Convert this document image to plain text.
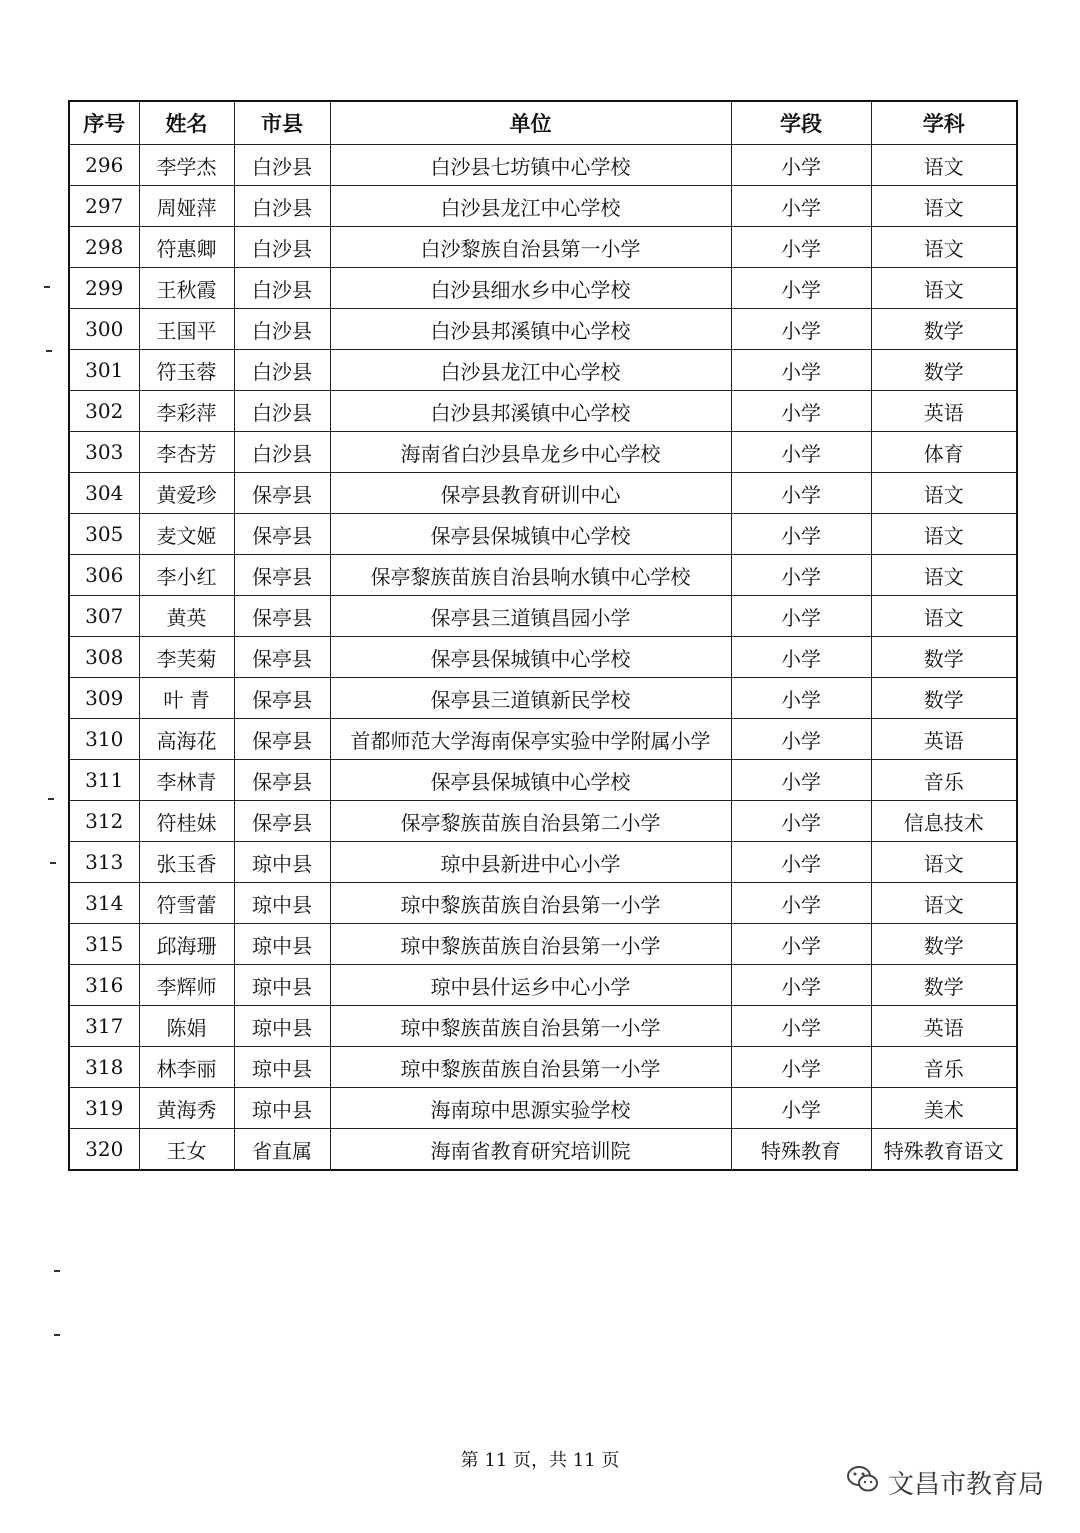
序号	姓名	市县	单位	学段	学科
296	李学杰	白沙县	白沙县七坊镇中心学校	小学	语文
297	周娅萍	白沙县	白沙县龙江中心学校	小学	语文
298	符惠卿	白沙县	白沙黎族自治县第一小学	小学	语文
299	王秋霞	白沙县	白沙县细水乡中心学校	小学	语文
300	王国平	白沙县	白沙县邦溪镇中心学校	小学	数学
301	符玉蓉	白沙县	白沙县龙江中心学校	小学	数学
302	李彩萍	白沙县	白沙县邦溪镇中心学校	小学	英语
303	李杏芳	白沙县	海南省白沙县阜龙乡中心学校	小学	体育
304	黄爱珍	保亭县	保亭县教育研训中心	小学	语文
305	麦文姬	保亭县	保亭县保城镇中心学校	小学	语文
306	李小红	保亭县	保亭黎族苗族自治县响水镇中心学校	小学	语文
307	黄英	保亭县	保亭县三道镇昌园小学	小学	语文
308	李芙菊	保亭县	保亭县保城镇中心学校	小学	数学
309	叶 青	保亭县	保亭县三道镇新民学校	小学	数学
310	高海花	保亭县	首都师范大学海南保亭实验中学附属小学	小学	英语
311	李林青	保亭县	保亭县保城镇中心学校	小学	音乐
312	符桂妹	保亭县	保亭黎族苗族自治县第二小学	小学	信息技术
313	张玉香	琼中县	琼中县新进中心小学	小学	语文
314	符雪蕾	琼中县	琼中黎族苗族自治县第一小学	小学	语文
315	邱海珊	琼中县	琼中黎族苗族自治县第一小学	小学	数学
316	李辉师	琼中县	琼中县什运乡中心小学	小学	数学
317	陈娟	琼中县	琼中黎族苗族自治县第一小学	小学	英语
318	林李丽	琼中县	琼中黎族苗族自治县第一小学	小学	音乐
319	黄海秀	琼中县	海南琼中思源实验学校	小学	美术
320	王女	省直属	海南省教育研究培训院	特殊教育	特殊教育语文
第 11 页，共 11 页
文昌市教育局
